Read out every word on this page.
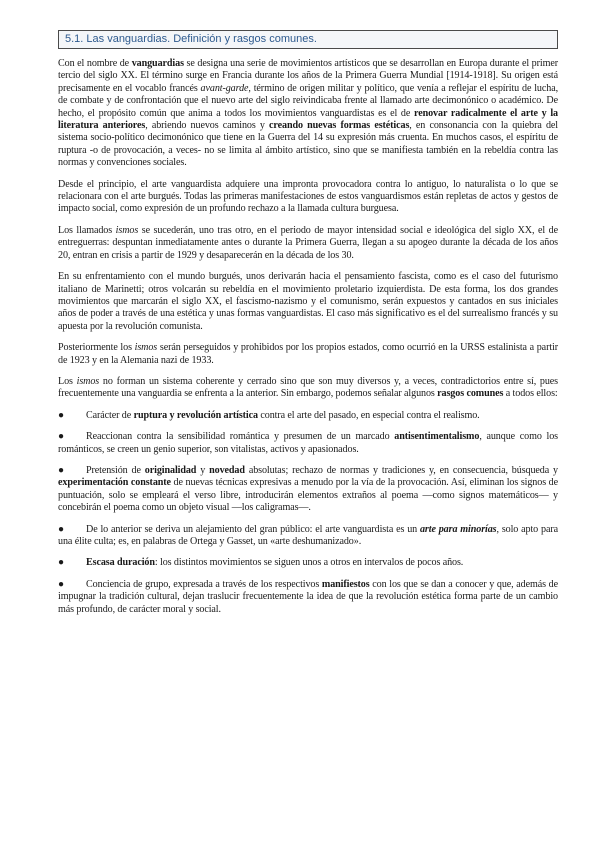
5.1. Las vanguardias. Definición y rasgos comunes.

Con el nombre de vanguardias se designa una serie de movimientos artísticos que se desarrollan en Europa durante el primer tercio del siglo XX. El término surge en Francia durante los años de la Primera Guerra Mundial [1914-1918]. Su origen está precisamente en el vocablo francés avant-garde, término de origen militar y político, que venía a reflejar el espíritu de lucha, de combate y de confrontación que el nuevo arte del siglo reivindicaba frente al llamado arte decimonónico o académico. De hecho, el propósito común que anima a todos los movimientos vanguardistas es el de renovar radicalmente el arte y la literatura anteriores, abriendo nuevos caminos y creando nuevas formas estéticas, en consonancia con la quiebra del sistema socio-político decimonónico que tiene en la Guerra del 14 su expresión más cruenta. En muchos casos, el espíritu de ruptura -o de provocación, a veces- no se limita al ámbito artístico, sino que se manifiesta también en la rebeldía contra las normas y convenciones sociales.

Desde el principio, el arte vanguardista adquiere una impronta provocadora contra lo antiguo, lo naturalista o lo que se relacionara con el arte burgués. Todas las primeras manifestaciones de estos vanguardismos están repletas de actos y gestos de impacto social, como expresión de un profundo rechazo a la llamada cultura burguesa.

Los llamados ismos se sucederán, uno tras otro, en el periodo de mayor intensidad social e ideológica del siglo XX, el de entreguerras: despuntan inmediatamente antes o durante la Primera Guerra, llegan a su apogeo durante la década de los años 20, entran en crisis a partir de 1929 y desaparecerán en la década de los 30.

En su enfrentamiento con el mundo burgués, unos derivarán hacia el pensamiento fascista, como es el caso del futurismo italiano de Marinetti; otros volcarán su rebeldía en el movimiento proletario izquierdista. De esta forma, los dos grandes movimientos que marcarán el siglo XX, el fascismo-nazismo y el comunismo, serán expuestos y cantados en sus iniciales años de poder a través de una estética y unas formas vanguardistas. El caso más significativo es el del surrealismo francés y su apuesta por la revolución comunista.

Posteriormente los ismos serán perseguidos y prohibidos por los propios estados, como ocurrió en la URSS estalinista a partir de 1923 y en la Alemania nazi de 1933.

Los ismos no forman un sistema coherente y cerrado sino que son muy diversos y, a veces, contradictorios entre sí, pues frecuentemente una vanguardia se enfrenta a la anterior. Sin embargo, podemos señalar algunos rasgos comunes a todos ellos:

● Carácter de ruptura y revolución artística contra el arte del pasado, en especial contra el realismo.

● Reaccionan contra la sensibilidad romántica y presumen de un marcado antisentimentalismo, aunque como los románticos, se creen un genio superior, son vitalistas, activos y apasionados.

● Pretensión de originalidad y novedad absolutas; rechazo de normas y tradiciones y, en consecuencia, búsqueda y experimentación constante de nuevas técnicas expresivas a menudo por la vía de la provocación. Así, eliminan los signos de puntuación, solo se empleará el verso libre, introducirán elementos extraños al poema —como signos matemáticos— y concebirán el poema como un objeto visual —los caligramas—.

● De lo anterior se deriva un alejamiento del gran público: el arte vanguardista es un arte para minorías, solo apto para una élite culta; es, en palabras de Ortega y Gasset, un «arte deshumanizado».

● Escasa duración: los distintos movimientos se siguen unos a otros en intervalos de pocos años.

● Conciencia de grupo, expresada a través de los respectivos manifiestos con los que se dan a conocer y que, además de impugnar la tradición cultural, dejan traslucir frecuentemente la idea de que la revolución estética forma parte de un cambio más profundo, de carácter moral y social.
